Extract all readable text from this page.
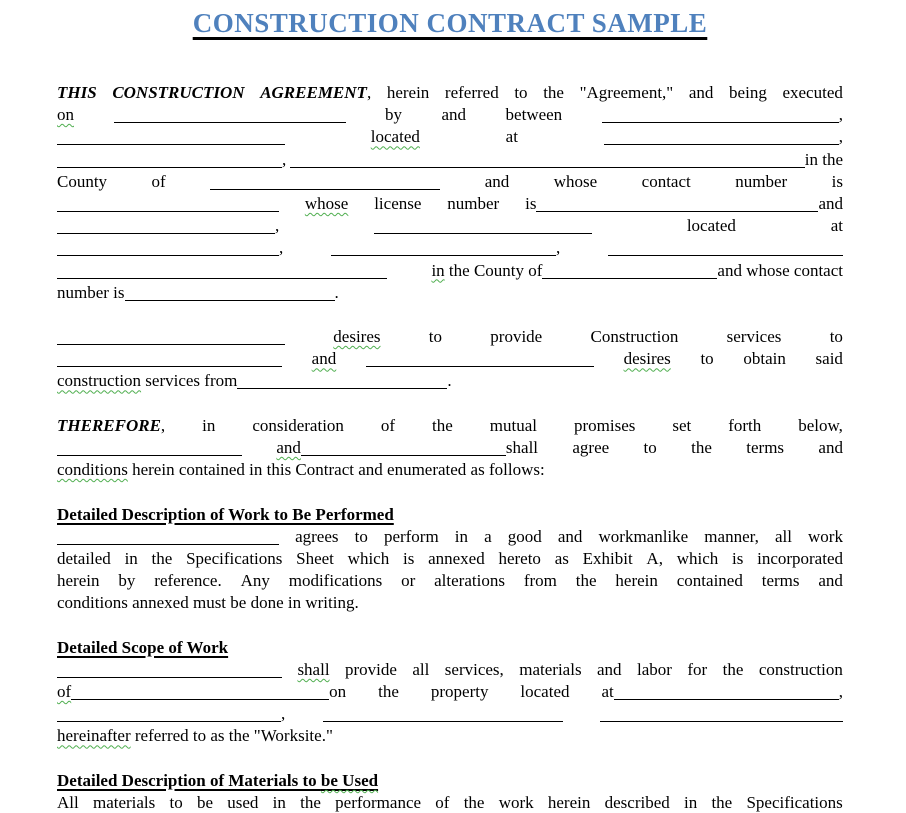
CONSTRUCTION CONTRACT SAMPLE
THIS CONSTRUCTION AGREEMENT, herein referred to the "Agreement," and being executed
on	by and between	,
located	at	,
,	in the
County	of	and	whose	contact	number	is
whose license number is	and
,	located	at
,	,
in the County of	and whose contact
number is	.
desires	to	provide	Construction	services	to
and	desires to obtain said
construction services from	.
THEREFORE, in consideration of the mutual promises set forth below,
and	shall agree to the terms and
conditions herein contained in this Contract and enumerated as follows:
Detailed Description of Work to Be Performed
agrees to perform in a good and workmanlike manner, all work
detailed in the Specifications Sheet which is annexed hereto as Exhibit A, which is incorporated
herein by reference. Any modifications or alterations from the herein contained terms and
conditions annexed must be done in writing.
Detailed Scope of Work
shall provide all services, materials and labor for the construction
of	on the property located at	,
,
hereinafter referred to as the "Worksite."
Detailed Description of Materials to be Used
All materials to be used in the performance of the work herein described in the Specifications
